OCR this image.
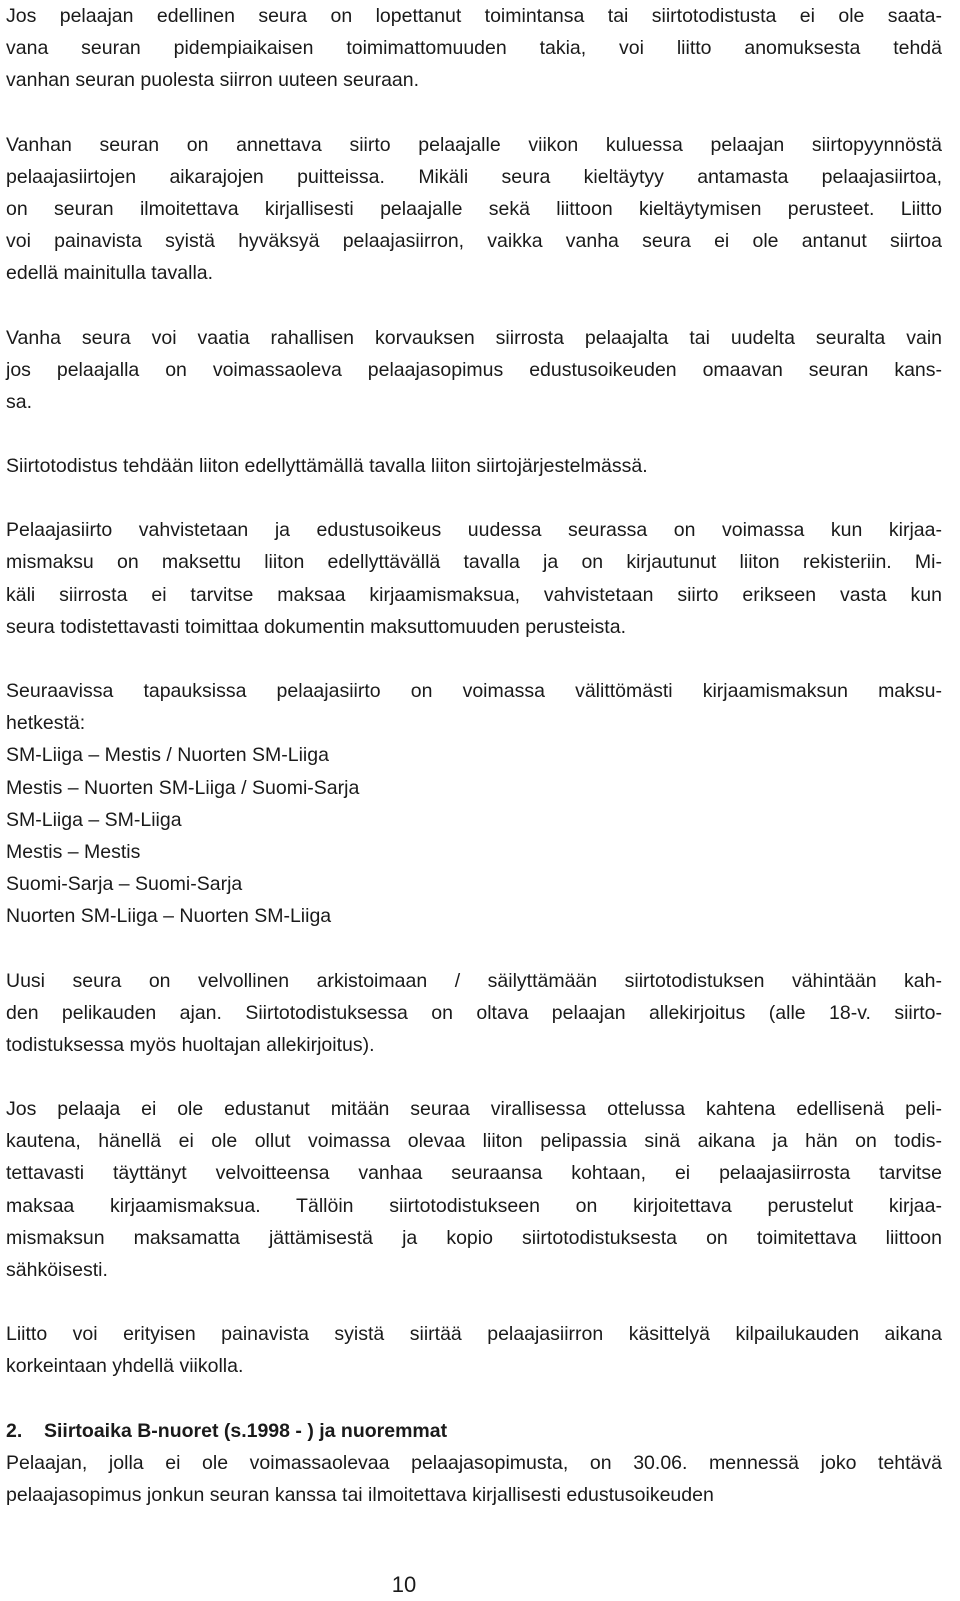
Jos pelaajan edellinen seura on lopettanut toimintansa tai siirtotodistusta ei ole saata-
vana seuran pidempiaikaisen toimimattomuuden takia, voi liitto anomuksesta tehdä
vanhan seuran puolesta siirron uuteen seuraan.
Vanhan seuran on annettava siirto pelaajalle viikon kuluessa pelaajan siirtopyynnöstä
pelaajasiirtojen aikarajojen puitteissa. Mikäli seura kieltäytyy antamasta pelaajasiirtoa,
on seuran ilmoitettava kirjallisesti pelaajalle sekä liittoon kieltäytymisen perusteet. Liitto
voi painavista syistä hyväksyä pelaajasiirron, vaikka vanha seura ei ole antanut siirtoa
edellä mainitulla tavalla.
Vanha seura voi vaatia rahallisen korvauksen siirrosta pelaajalta tai uudelta seuralta vain
jos pelaajalla on voimassaoleva pelaajasopimus edustusoikeuden omaavan seuran kans-
sa.
Siirtotodistus tehdään liiton edellyttämällä tavalla liiton siirtojärjestelmässä.
Pelaajasiirto vahvistetaan ja edustusoikeus uudessa seurassa on voimassa kun kirjaa-
mismaksu on maksettu liiton edellyttävällä tavalla ja on kirjautunut liiton rekisteriin. Mi-
käli siirrosta ei tarvitse maksaa kirjaamismaksua, vahvistetaan siirto erikseen vasta kun
seura todistettavasti toimittaa dokumentin maksuttomuuden perusteista.
Seuraavissa tapauksissa pelaajasiirto on voimassa välittömästi kirjaamismaksun maksu-
hetkestä:
SM-Liiga – Mestis / Nuorten SM-Liiga
Mestis – Nuorten SM-Liiga / Suomi-Sarja
SM-Liiga – SM-Liiga
Mestis – Mestis
Suomi-Sarja – Suomi-Sarja
Nuorten SM-Liiga – Nuorten SM-Liiga
Uusi seura on velvollinen arkistoimaan / säilyttämään siirtotodistuksen vähintään kah-
den pelikauden ajan. Siirtotodistuksessa on oltava pelaajan allekirjoitus (alle 18-v. siirto-
todistuksessa myös huoltajan allekirjoitus).
Jos pelaaja ei ole edustanut mitään seuraa virallisessa ottelussa kahtena edellisenä peli-
kautena, hänellä ei ole ollut voimassa olevaa liiton pelipassia sinä aikana ja hän on todis-
tettavasti täyttänyt velvoitteensa vanhaa seuraansa kohtaan, ei pelaajasiirrosta tarvitse
maksaa kirjaamismaksua. Tällöin siirtotodistukseen on kirjoitettava perustelut kirjaa-
mismaksun maksamatta jättämisestä ja kopio siirtotodistuksesta on toimitettava liittoon
sähköisesti.
Liitto voi erityisen painavista syistä siirtää pelaajasiirron käsittelyä kilpailukauden aikana
korkeintaan yhdellä viikolla.
2. Siirtoaika B-nuoret (s.1998 - ) ja nuoremmat
Pelaajan, jolla ei ole voimassaolevaa pelaajasopimusta, on 30.06. mennessä joko tehtävä
pelaajasopimus jonkun seuran kanssa tai ilmoitettava kirjallisesti edustusoikeuden
10
